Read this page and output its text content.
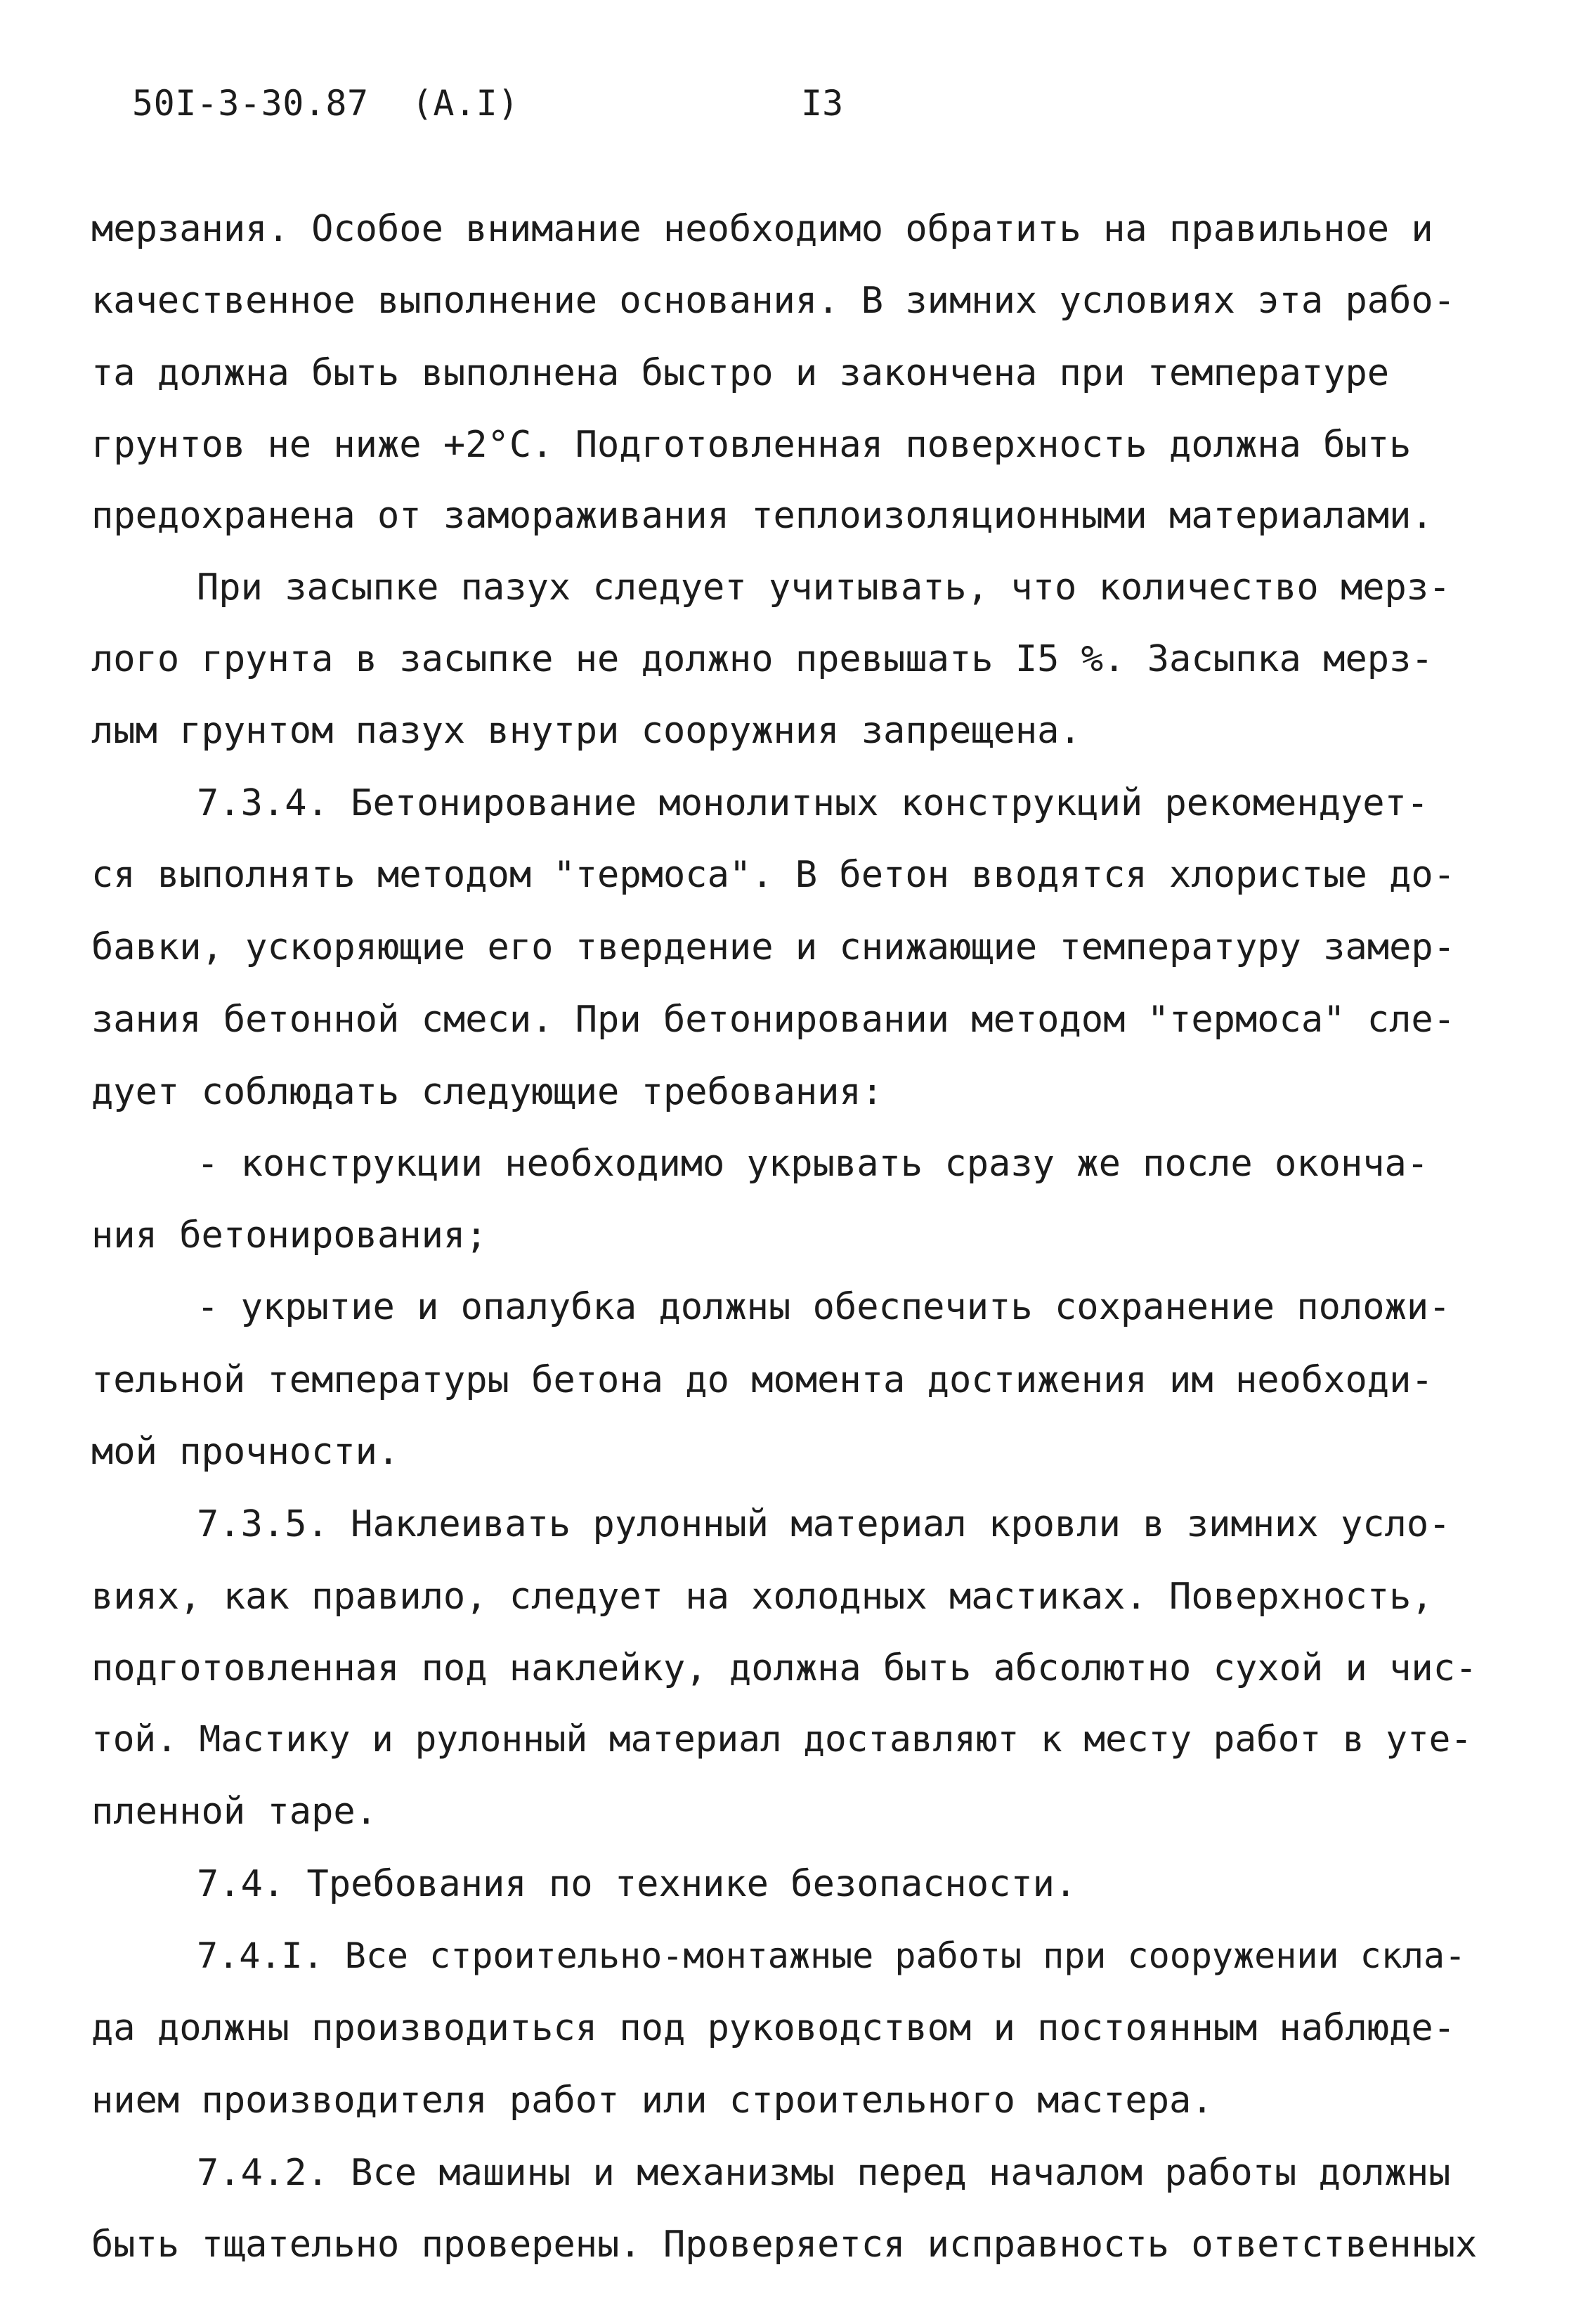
50I-3-30.87  (A.I)	I3
мерзания. Особое внимание необходимо обратить на правильное и
качественное выполнение основания. В зимних условиях эта рабо-
та должна быть выполнена быстро и закончена при температуре
грунтов не ниже +2°С. Подготовленная поверхность должна быть
предохранена от замораживания теплоизоляционными материалами.
При засыпке пазух следует учитывать, что количество мерз-
лого грунта в засыпке не должно превышать I5 %. Засыпка мерз-
лым грунтом пазух внутри сооружния запрещена.
7.3.4. Бетонирование монолитных конструкций рекомендует-
ся выполнять методом "термоса". В бетон вводятся хлористые до-
бавки, ускоряющие его твердение и снижающие температуру замер-
зания бетонной смеси. При бетонировании методом "термоса" сле-
дует соблюдать следующие требования:
- конструкции необходимо укрывать сразу же после оконча-
ния бетонирования;
- укрытие и опалубка должны обеспечить сохранение положи-
тельной температуры бетона до момента достижения им необходи-
мой прочности.
7.3.5. Наклеивать рулонный материал кровли в зимних усло-
виях, как правило, следует на холодных мастиках. Поверхность,
подготовленная под наклейку, должна быть абсолютно сухой и чис-
той. Мастику и рулонный материал доставляют к месту работ в уте-
пленной таре.
7.4. Требования по технике безопасности.
7.4.I. Все строительно-монтажные работы при сооружении скла-
да должны производиться под руководством и постоянным наблюде-
нием производителя работ или строительного мастера.
7.4.2. Все машины и механизмы перед началом работы должны
быть тщательно проверены. Проверяется исправность ответственных
